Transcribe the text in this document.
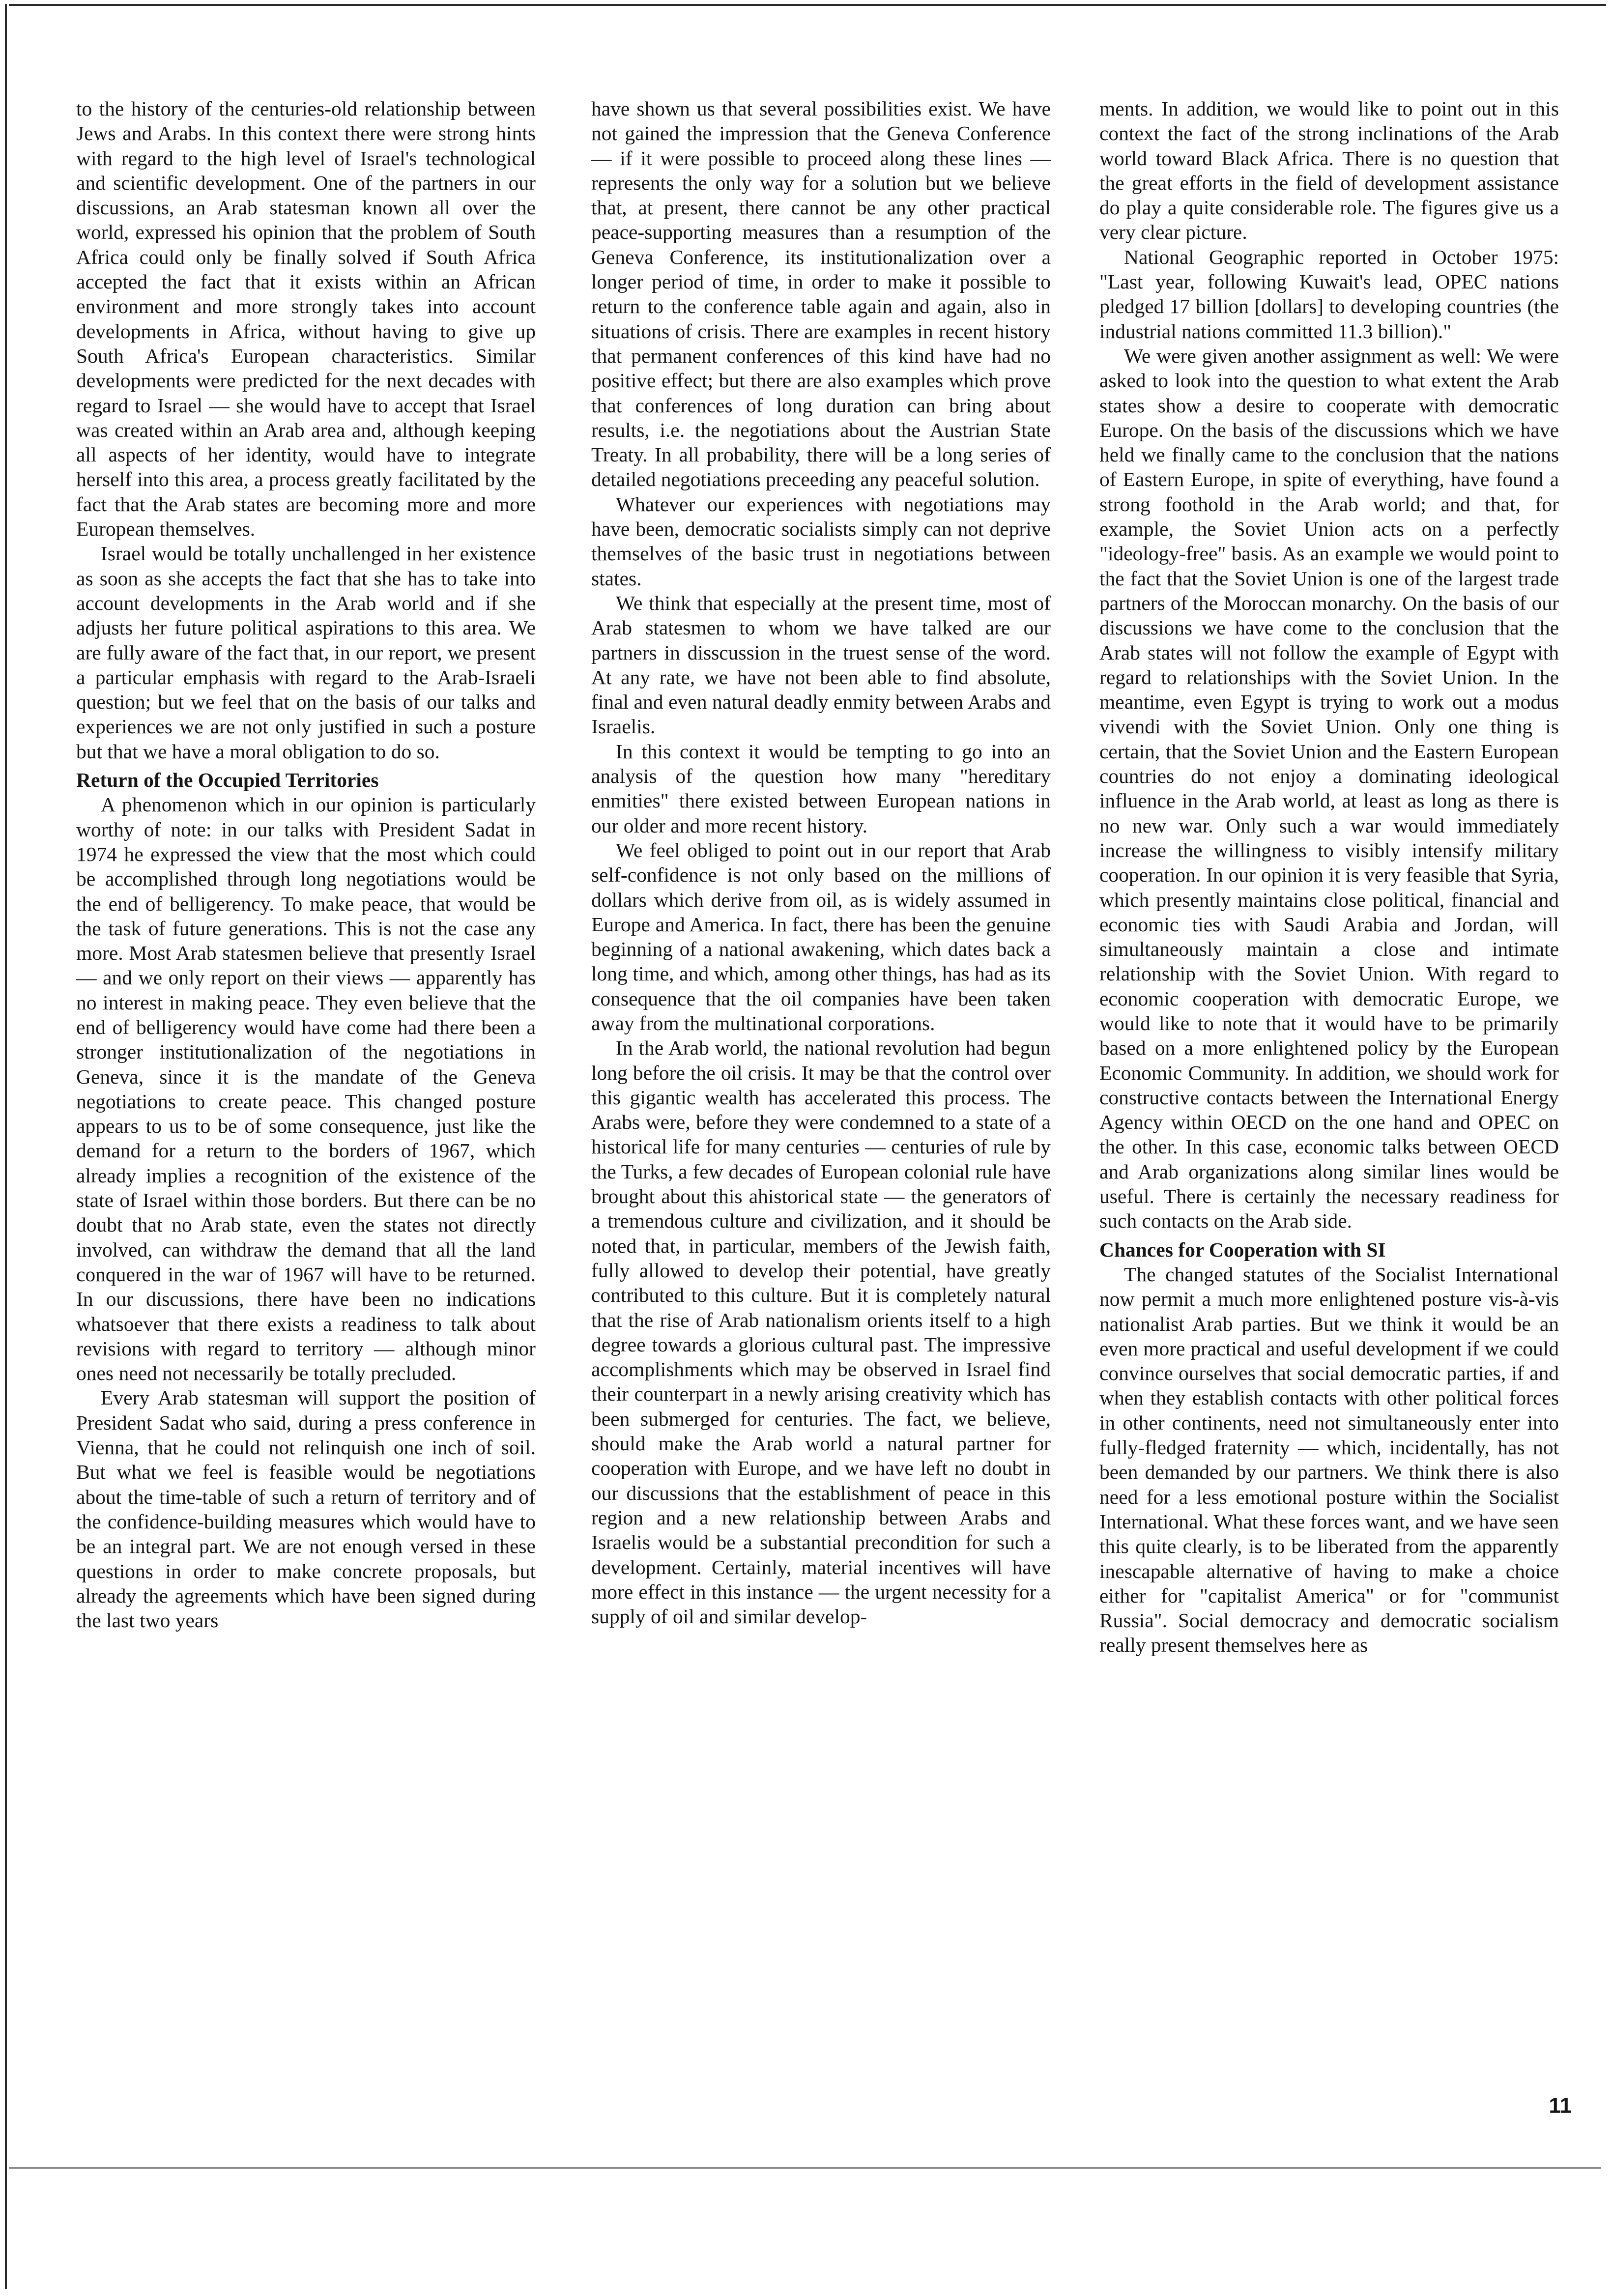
to the history of the centuries-old relationship between Jews and Arabs. In this context there were strong hints with regard to the high level of Israel's technological and scientific development. One of the partners in our discussions, an Arab statesman known all over the world, expressed his opinion that the problem of South Africa could only be finally solved if South Africa accepted the fact that it exists within an African environment and more strongly takes into account developments in Africa, without having to give up South Africa's European characteristics. Similar developments were predicted for the next decades with regard to Israel — she would have to accept that Israel was created within an Arab area and, although keeping all aspects of her identity, would have to integrate herself into this area, a process greatly facilitated by the fact that the Arab states are becoming more and more European themselves.

Israel would be totally unchallenged in her existence as soon as she accepts the fact that she has to take into account developments in the Arab world and if she adjusts her future political aspirations to this area. We are fully aware of the fact that, in our report, we present a particular emphasis with regard to the Arab-Israeli question; but we feel that on the basis of our talks and experiences we are not only justified in such a posture but that we have a moral obligation to do so.

Return of the Occupied Territories

A phenomenon which in our opinion is particularly worthy of note: in our talks with President Sadat in 1974 he expressed the view that the most which could be accomplished through long negotiations would be the end of belligerency. To make peace, that would be the task of future generations. This is not the case any more. Most Arab statesmen believe that presently Israel — and we only report on their views — apparently has no interest in making peace. They even believe that the end of belligerency would have come had there been a stronger institutionalization of the negotiations in Geneva, since it is the mandate of the Geneva negotiations to create peace. This changed posture appears to us to be of some consequence, just like the demand for a return to the borders of 1967, which already implies a recognition of the existence of the state of Israel within those borders. But there can be no doubt that no Arab state, even the states not directly involved, can withdraw the demand that all the land conquered in the war of 1967 will have to be returned. In our discussions, there have been no indications whatsoever that there exists a readiness to talk about revisions with regard to territory — although minor ones need not necessarily be totally precluded.

Every Arab statesman will support the position of President Sadat who said, during a press conference in Vienna, that he could not relinquish one inch of soil. But what we feel is feasible would be negotiations about the time-table of such a return of territory and of the confidence-building measures which would have to be an integral part. We are not enough versed in these questions in order to make concrete proposals, but already the agreements which have been signed during the last two years

have shown us that several possibilities exist. We have not gained the impression that the Geneva Conference — if it were possible to proceed along these lines — represents the only way for a solution but we believe that, at present, there cannot be any other practical peace-supporting measures than a resumption of the Geneva Conference, its institutionalization over a longer period of time, in order to make it possible to return to the conference table again and again, also in situations of crisis. There are examples in recent history that permanent conferences of this kind have had no positive effect; but there are also examples which prove that conferences of long duration can bring about results, i.e. the negotiations about the Austrian State Treaty. In all probability, there will be a long series of detailed negotiations preceeding any peaceful solution.

Whatever our experiences with negotiations may have been, democratic socialists simply can not deprive themselves of the basic trust in negotiations between states.

We think that especially at the present time, most of Arab statesmen to whom we have talked are our partners in disscussion in the truest sense of the word. At any rate, we have not been able to find absolute, final and even natural deadly enmity between Arabs and Israelis.

In this context it would be tempting to go into an analysis of the question how many "hereditary enmities" there existed between European nations in our older and more recent history.

We feel obliged to point out in our report that Arab self-confidence is not only based on the millions of dollars which derive from oil, as is widely assumed in Europe and America. In fact, there has been the genuine beginning of a national awakening, which dates back a long time, and which, among other things, has had as its consequence that the oil companies have been taken away from the multinational corporations.

In the Arab world, the national revolution had begun long before the oil crisis. It may be that the control over this gigantic wealth has accelerated this process. The Arabs were, before they were condemned to a state of a historical life for many centuries — centuries of rule by the Turks, a few decades of European colonial rule have brought about this ahistorical state — the generators of a tremendous culture and civilization, and it should be noted that, in particular, members of the Jewish faith, fully allowed to develop their potential, have greatly contributed to this culture. But it is completely natural that the rise of Arab nationalism orients itself to a high degree towards a glorious cultural past. The impressive accomplishments which may be observed in Israel find their counterpart in a newly arising creativity which has been submerged for centuries. The fact, we believe, should make the Arab world a natural partner for cooperation with Europe, and we have left no doubt in our discussions that the establishment of peace in this region and a new relationship between Arabs and Israelis would be a substantial precondition for such a development. Certainly, material incentives will have more effect in this instance — the urgent necessity for a supply of oil and similar develop-

ments. In addition, we would like to point out in this context the fact of the strong inclinations of the Arab world toward Black Africa. There is no question that the great efforts in the field of development assistance do play a quite considerable role. The figures give us a very clear picture.

National Geographic reported in October 1975: "Last year, following Kuwait's lead, OPEC nations pledged 17 billion [dollars] to developing countries (the industrial nations committed 11.3 billion)."

We were given another assignment as well: We were asked to look into the question to what extent the Arab states show a desire to cooperate with democratic Europe. On the basis of the discussions which we have held we finally came to the conclusion that the nations of Eastern Europe, in spite of everything, have found a strong foothold in the Arab world; and that, for example, the Soviet Union acts on a perfectly "ideology-free" basis. As an example we would point to the fact that the Soviet Union is one of the largest trade partners of the Moroccan monarchy. On the basis of our discussions we have come to the conclusion that the Arab states will not follow the example of Egypt with regard to relationships with the Soviet Union. In the meantime, even Egypt is trying to work out a modus vivendi with the Soviet Union. Only one thing is certain, that the Soviet Union and the Eastern European countries do not enjoy a dominating ideological influence in the Arab world, at least as long as there is no new war. Only such a war would immediately increase the willingness to visibly intensify military cooperation. In our opinion it is very feasible that Syria, which presently maintains close political, financial and economic ties with Saudi Arabia and Jordan, will simultaneously maintain a close and intimate relationship with the Soviet Union. With regard to economic cooperation with democratic Europe, we would like to note that it would have to be primarily based on a more enlightened policy by the European Economic Community. In addition, we should work for constructive contacts between the International Energy Agency within OECD on the one hand and OPEC on the other. In this case, economic talks between OECD and Arab organizations along similar lines would be useful. There is certainly the necessary readiness for such contacts on the Arab side.

Chances for Cooperation with SI

The changed statutes of the Socialist International now permit a much more enlightened posture vis-à-vis nationalist Arab parties. But we think it would be an even more practical and useful development if we could convince ourselves that social democratic parties, if and when they establish contacts with other political forces in other continents, need not simultaneously enter into fully-fledged fraternity — which, incidentally, has not been demanded by our partners. We think there is also need for a less emotional posture within the Socialist International. What these forces want, and we have seen this quite clearly, is to be liberated from the apparently inescapable alternative of having to make a choice either for "capitalist America" or for "communist Russia". Social democracy and democratic socialism really present themselves here as

11
